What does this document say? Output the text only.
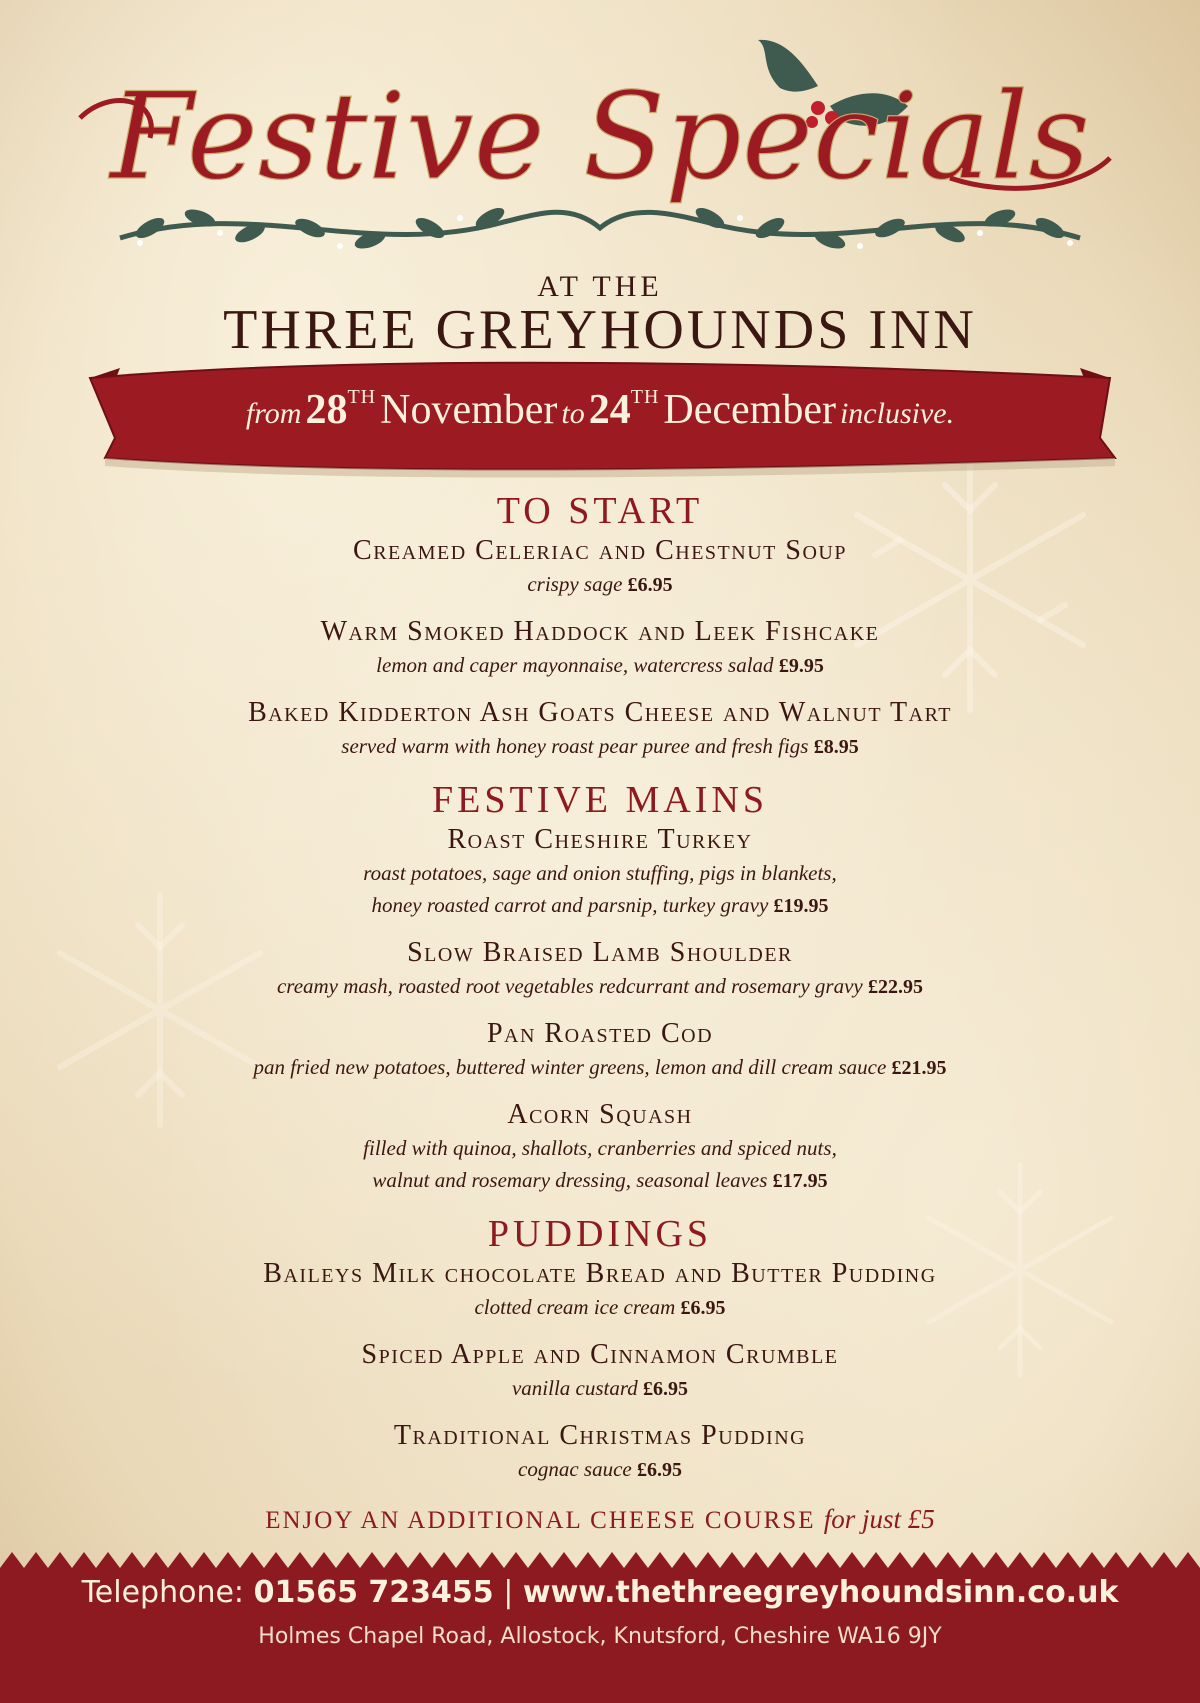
Festive Specials
AT THE
THREE GREYHOUNDS INN
from 28TH November to 24TH December inclusive.
TO START
Creamed Celeriac and Chestnut Soup
crispy sage £6.95
Warm Smoked Haddock and Leek Fishcake
lemon and caper mayonnaise, watercress salad £9.95
Baked Kidderton Ash Goats Cheese and Walnut Tart
served warm with honey roast pear puree and fresh figs £8.95
FESTIVE MAINS
Roast Cheshire Turkey
roast potatoes, sage and onion stuffing, pigs in blankets,
honey roasted carrot and parsnip, turkey gravy £19.95
Slow Braised Lamb Shoulder
creamy mash, roasted root vegetables redcurrant and rosemary gravy £22.95
Pan Roasted Cod
pan fried new potatoes, buttered winter greens, lemon and dill cream sauce £21.95
Acorn Squash
filled with quinoa, shallots, cranberries and spiced nuts,
walnut and rosemary dressing, seasonal leaves £17.95
PUDDINGS
Baileys Milk chocolate Bread and Butter Pudding
clotted cream ice cream £6.95
Spiced Apple and Cinnamon Crumble
vanilla custard £6.95
Traditional Christmas Pudding
cognac sauce £6.95
ENJOY AN ADDITIONAL CHEESE COURSE for just £5
Telephone: 01565 723455 | www.thethreegreyhoundsinn.co.uk
Holmes Chapel Road, Allostock, Knutsford, Cheshire WA16 9JY
